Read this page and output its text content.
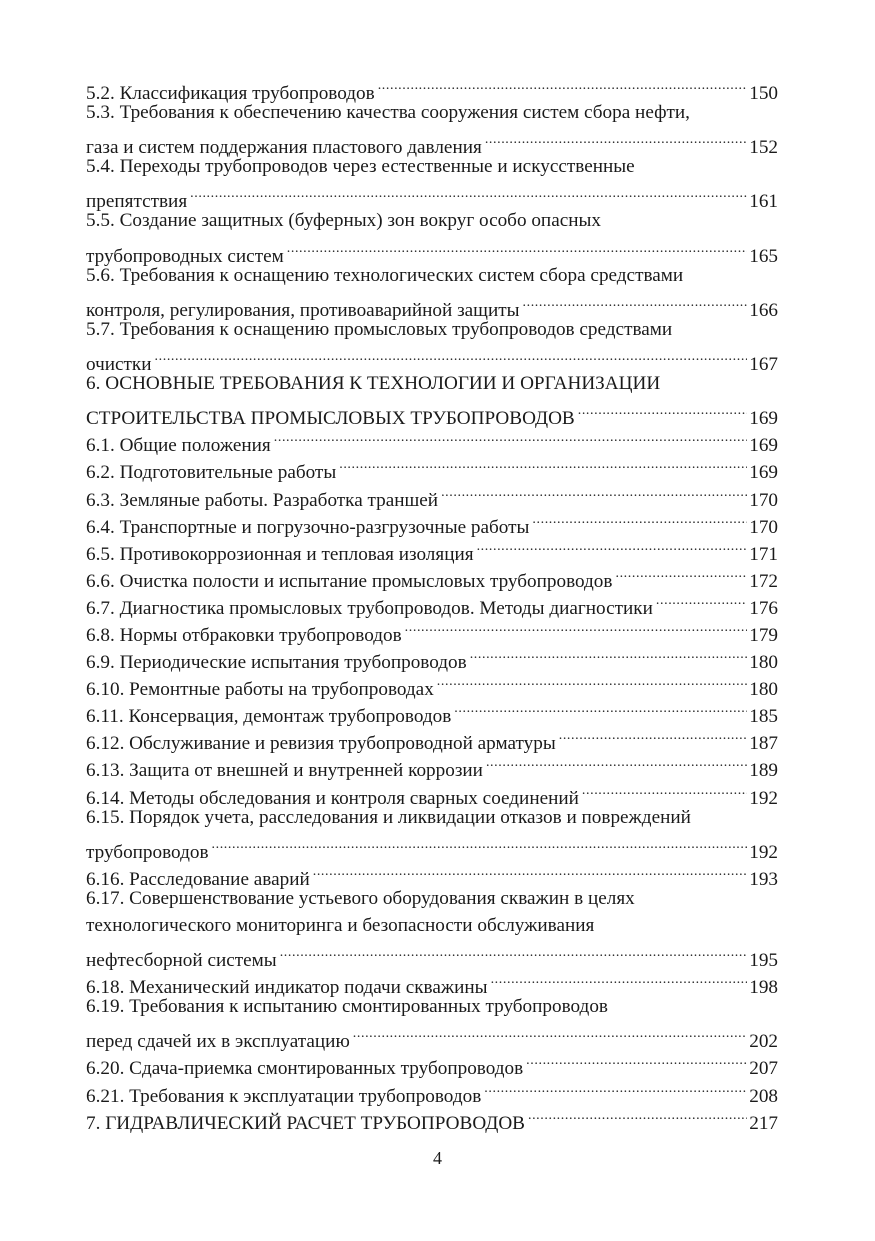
5.2. Классификация трубопроводов .....	150
5.3. Требования к обеспечению качества сооружения систем сбора нефти,
газа и систем поддержания пластового давления .....	152
5.4. Переходы трубопроводов через естественные и искусственные
препятствия .....	161
5.5. Создание защитных (буферных) зон вокруг особо опасных
трубопроводных систем .....	165
5.6. Требования к оснащению технологических систем сбора средствами
контроля, регулирования, противоаварийной защиты .....	166
5.7. Требования к оснащению промысловых трубопроводов средствами
очистки .....	167
6. ОСНОВНЫЕ ТРЕБОВАНИЯ К ТЕХНОЛОГИИ И ОРГАНИЗАЦИИ
СТРОИТЕЛЬСТВА ПРОМЫСЛОВЫХ ТРУБОПРОВОДОВ .....	169
6.1. Общие положения .....	169
6.2. Подготовительные работы .....	169
6.3. Земляные работы. Разработка траншей .....	170
6.4. Транспортные и погрузочно-разгрузочные работы .....	170
6.5. Противокоррозионная и тепловая изоляция .....	171
6.6. Очистка полости и испытание промысловых трубопроводов .....	172
6.7. Диагностика промысловых трубопроводов. Методы диагностики .....	176
6.8. Нормы отбраковки трубопроводов .....	179
6.9. Периодические испытания трубопроводов .....	180
6.10. Ремонтные работы на трубопроводах .....	180
6.11. Консервация, демонтаж трубопроводов .....	185
6.12. Обслуживание и ревизия трубопроводной арматуры .....	187
6.13. Защита от внешней и внутренней коррозии .....	189
6.14. Методы обследования и контроля сварных соединений .....	192
6.15. Порядок учета, расследования и ликвидации отказов и повреждений
трубопроводов .....	192
6.16. Расследование аварий .....	193
6.17. Совершенствование устьевого оборудования скважин в целях
технологического мониторинга и безопасности обслуживания
нефтесборной системы .....	195
6.18. Механический индикатор подачи скважины .....	198
6.19. Требования к испытанию смонтированных трубопроводов
перед сдачей их в эксплуатацию .....	202
6.20. Сдача-приемка смонтированных трубопроводов .....	207
6.21. Требования к эксплуатации трубопроводов .....	208
7. ГИДРАВЛИЧЕСКИЙ РАСЧЕТ ТРУБОПРОВОДОВ .....	217
4
